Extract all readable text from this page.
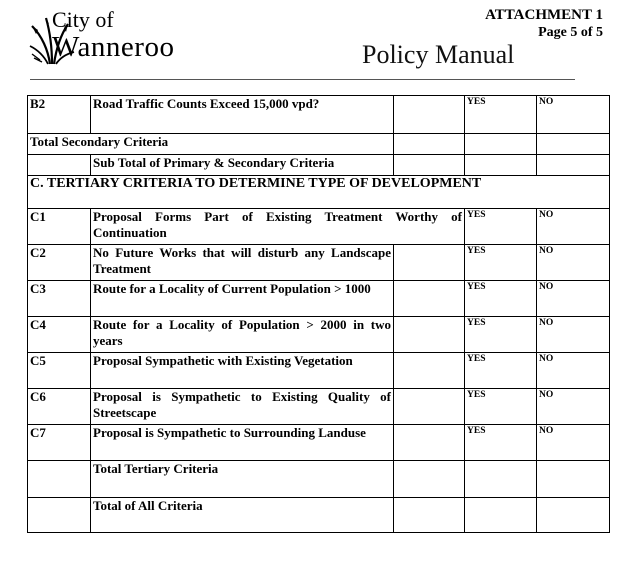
City of
Wanneroo
ATTACHMENT 1
Page 5 of 5
Policy Manual
B2	Road Traffic Counts Exceed 15,000 vpd?		YES	NO
Total Secondary Criteria				
	Sub Total of Primary & Secondary Criteria			
C. TERTIARY CRITERIA TO DETERMINE TYPE OF DEVELOPMENT				
C1	Proposal Forms Part of Existing Treatment Worthy of Continuation		YES	NO
C2	No Future Works that will disturb any Landscape Treatment		YES	NO
C3	Route for a Locality of Current Population > 1000		YES	NO
C4	Route for a Locality of Population > 2000 in two years		YES	NO
C5	Proposal Sympathetic with Existing Vegetation		YES	NO
C6	Proposal is Sympathetic to Existing Quality of Streetscape		YES	NO
C7	Proposal is Sympathetic to Surrounding Landuse		YES	NO

	Total Tertiary Criteria			

	Total of All Criteria			
